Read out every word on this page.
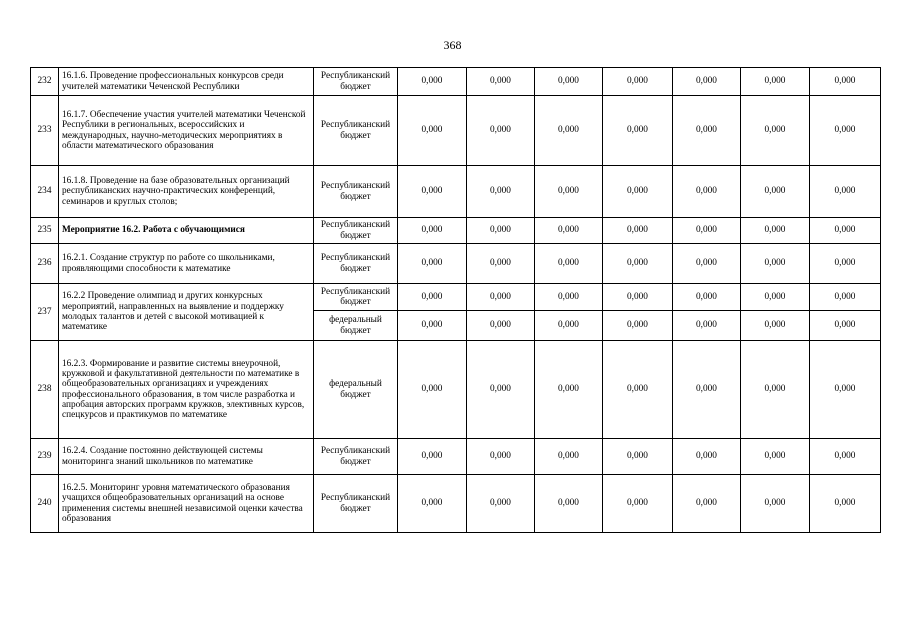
368
232	16.1.6. Проведение профессиональных конкурсов среди учителей математики Чеченской Республики	Республиканский бюджет	0,000	0,000	0,000	0,000	0,000	0,000	0,000
233	16.1.7. Обеспечение участия учителей математики Чеченской Республики в региональных, всероссийских и международных, научно-методических мероприятиях в области математического образования	Республиканский бюджет	0,000	0,000	0,000	0,000	0,000	0,000	0,000
234	16.1.8. Проведение на базе образовательных организаций республиканских научно-практических конференций, семинаров и круглых столов;	Республиканский бюджет	0,000	0,000	0,000	0,000	0,000	0,000	0,000
235	Мероприятие 16.2. Работа с обучающимися	Республиканский бюджет	0,000	0,000	0,000	0,000	0,000	0,000	0,000
236	16.2.1. Создание структур по работе со школьниками, проявляющими способности к математике	Республиканский бюджет	0,000	0,000	0,000	0,000	0,000	0,000	0,000
237	16.2.2 Проведение олимпиад и других конкурсных мероприятий, направленных на выявление и поддержку молодых талантов и детей с высокой мотивацией к математике	Республиканский бюджет	0,000	0,000	0,000	0,000	0,000	0,000	0,000
		федеральный бюджет	0,000	0,000	0,000	0,000	0,000	0,000	0,000
238	16.2.3. Формирование и развитие системы внеурочной, кружковой и факультативной деятельности по математике в общеобразовательных организациях и учреждениях профессионального образования, в том числе разработка и апробация авторских программ кружков, элективных курсов, спецкурсов и практикумов по математике	федеральный бюджет	0,000	0,000	0,000	0,000	0,000	0,000	0,000
239	16.2.4. Создание постоянно действующей системы мониторинга знаний школьников по математике	Республиканский бюджет	0,000	0,000	0,000	0,000	0,000	0,000	0,000
240	16.2.5. Мониторинг уровня математического образования учащихся общеобразовательных организаций на основе применения системы внешней независимой оценки качества образования	Республиканский бюджет	0,000	0,000	0,000	0,000	0,000	0,000	0,000
